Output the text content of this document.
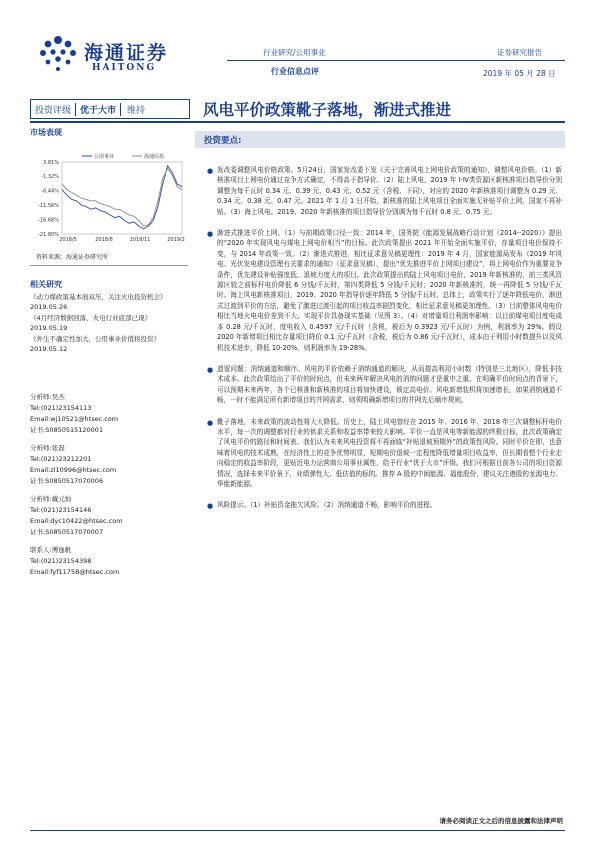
海通证券
HAITONG
行业研究/公用事业	证券研究报告
行业信息点评	2019 年 05 月 28 日
投资评级	优于大市	维持	风电平价政策靴子落地，渐进式推进
市场表现
3.81%
-1.32%
-6.44%
-11.56%
-16.68%
-21.80%
2018/5	2018/8	2018/11	2019/2
公用事业	海通综指
资料来源：海通证券研究所
相关研究
《动力煤政策基本面双压，关注火电投资机会》 2019.05.26
《4月经济数据回落，火电行业底部已现》
2019.05.19
《外生不确定性加大，公用事业价值将投资》 2019.05.12
分析师:吴杰
Tel:(021)23154113
Email:wj10521@htsec.com
证书:S0850515120001
分析师:张磊
Tel:(021)23212201
Email:zl10996@htsec.com
证书:S0850517070006
分析师:戴元灿
Tel:(021)23154146
Email:dyc10422@htsec.com
证书:S0850517070007
联系人:傅逸帆
Tel:(021)23154398
Email:fyf11758@htsec.com
投资要点:
● 发改委调整风电价格政策。5月24日，国家发改委下发《关于完善风电上网电价政策的通知》，调整风电价格。（1）新核准项目上网电价通过竞争方式确定，不得高于指导价。（2）陆上风电，2019 年 Ⅰ-Ⅳ类资源区新核准项目指导价分别调整为每千瓦时 0.34 元、0.39 元、0.43 元、0.52 元（含税、下同），对应的 2020 年新核准项目调整为 0.29 元、0.34 元、0.38 元、0.47 元。2021 年 1 月 1 日开始，新核准的陆上风电项目全面实施无补贴平价上网，国家不再补贴。（3）海上风电。2019、2020 年新核准的项目指导价分别调为每千瓦时 0.8 元、0.75 元。
● 渐进式推进平价上网。（1）与前期政策口径一致：2014 年，国务院《能源发展战略行动计划（2014--2020）》提出的“2020 年实现风电与煤电上网电价相当”的目标。此次政策提出 2021 年开始全面实施平价，存量项目电价保持不变，与 2014 年政策一致。（2）渐进式推进，相比征求意见稿更理性：2019 年 4 月，国家能源局发布《2019 年风电、光伏发电建设管理有关要求的通知》（征求意见稿），提出“优先推进平价上网项目建设”，将上网电价作为重要竞争条件，优先建设补贴强度低、退坡力度大的项目。此次政策提出的陆上风电项目电价，2019 年新核准的，前三类风资源区较之前标杆电价降低 6 分钱/千瓦时，第四类降低 5 分钱/千瓦时；2020 年新核准的，统一再降低 5 分钱/千瓦时。海上风电新核准项目，2019、2020 年指导价逐年降低 5 分钱/千瓦时。总体上，政策实行了逐年降低电价，渐进式过渡到平价的方法，避免了激进过渡引起的项目收益率剧烈变化，相比征求意见稿更加理性。（3）目前整体风电电价相比当地火电电价差到不大，实现平价具备现实基础（见图 3）。（4）对增量项目利润率影响：以目前煤电项目度电成本 0.28 元/千瓦时，度电收入 0.4597 元/千瓦时（含税，税后为 0.3923 元/千瓦时）为例，利润率为 29%。假设 2020 年新增项目相比存量项目降价 0.1 元/千瓦时（含税，税后为 0.86 元/千瓦时），成本由于利用小时数提升以及风机技术进步，降低 10-20%，则利润率为 19-28%。
● 遗留问题：消纳通道和顺序。风电的平价依赖于消纳通道的解决，从而提高利用小时数（特别是三北地区），降低非技术成本。此次政策给出了平价的时间点，但未来两年解决风电的消纳问题才是重中之重。在明确平价时间点的背景下，可以预期未来两年，各个已核准和新核准的项目将加快建设，锁定高电价。风电新增装机将加速增长，如果消纳通道不畅，一时不能满足所有新增项目的并网需求，则须明确新增项目的并网先后顺序规则。
● 靴子落地，未来政策的波动性将大大降低。历史上，陆上风电曾经在 2015 年、2016 年、2018 年三次调整标杆电价水平，每一次的调整都对行业的供求关系和收益率带来较大影响。平价一直是风电等新能源的终极目标，此次政策确定了风电平价的路径和时间表。我们认为未来风电投资将不再面临“补贴退坡预期外”的政策性风险。同时平价在即，也意味着风电的技术成熟，在经济性上的竞争优势明显，短期电价退坡一定程度降低增量项目收益率，但长期看整个行业走向稳定的收益率阶段，更贴近电力运营商公用事业属性，给予行业“优于大市”评级。我们可根据目前各公司的项目资源情况，选择未来平价景下，业绩弹性大、低估值的标的。推荐 A 股的中闽能源、福能股份，建议关注港股的龙源电力、华能新能源。
● 风险提示。（1）补贴资金拖欠风险。（2）消纳通道不畅，影响平价的进程。
请务必阅读正文之后的信息披露和法律声明
